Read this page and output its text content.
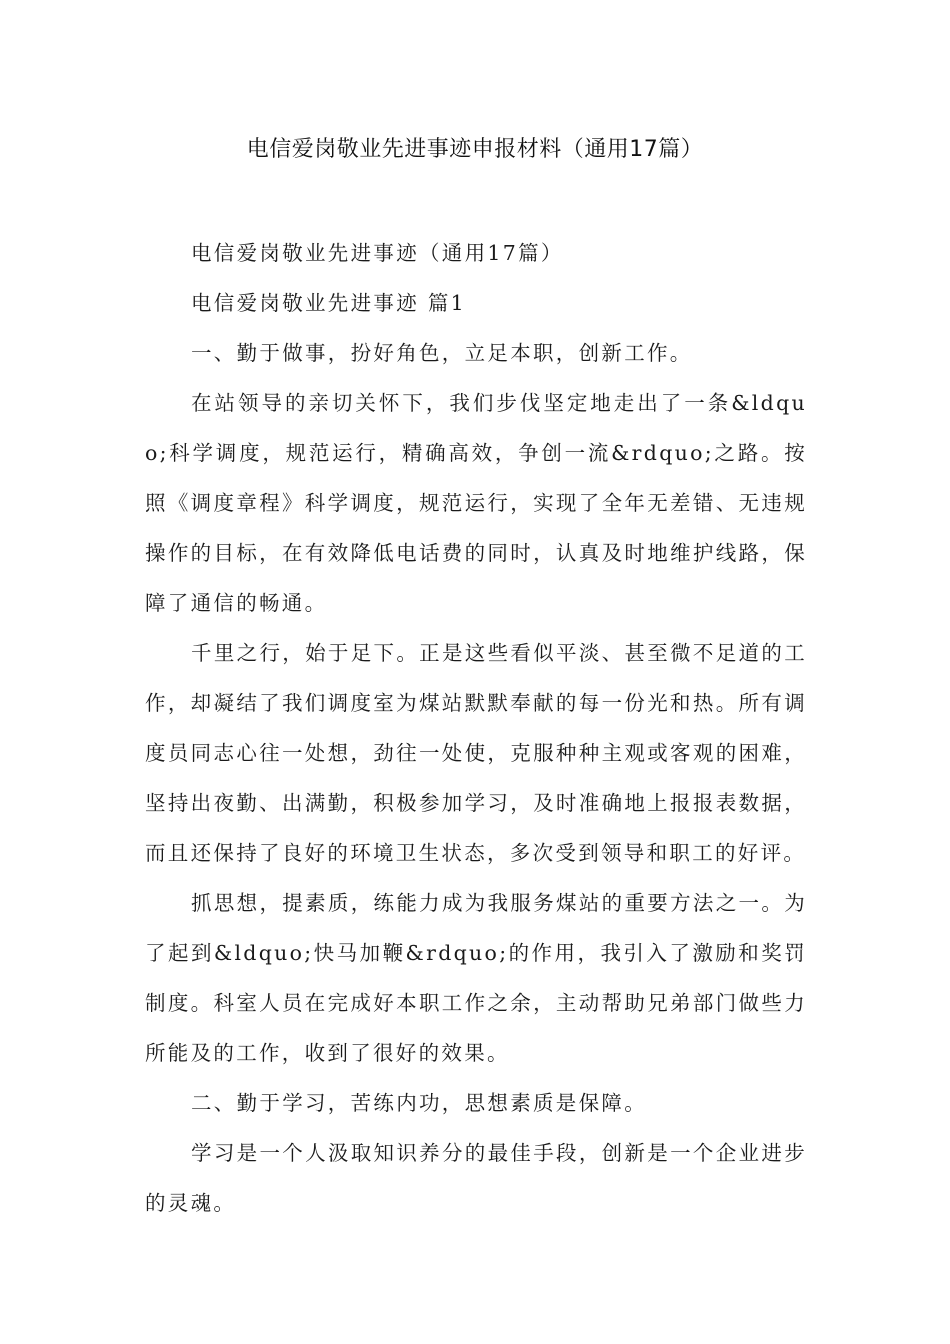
电信爱岗敬业先进事迹申报材料（通用17篇）

电信爱岗敬业先进事迹（通用17篇）

电信爱岗敬业先进事迹 篇1

一、勤于做事，扮好角色，立足本职，创新工作。

在站领导的亲切关怀下，我们步伐坚定地走出了一条&ldquo;科学调度，规范运行，精确高效，争创一流&rdquo;之路。按照《调度章程》科学调度，规范运行，实现了全年无差错、无违规操作的目标，在有效降低电话费的同时，认真及时地维护线路，保障了通信的畅通。

千里之行，始于足下。正是这些看似平淡、甚至微不足道的工作，却凝结了我们调度室为煤站默默奉献的每一份光和热。所有调度员同志心往一处想，劲往一处使，克服种种主观或客观的困难，坚持出夜勤、出满勤，积极参加学习，及时准确地上报报表数据，而且还保持了良好的环境卫生状态，多次受到领导和职工的好评。

抓思想，提素质，练能力成为我服务煤站的重要方法之一。为了起到&ldquo;快马加鞭&rdquo;的作用，我引入了激励和奖罚制度。科室人员在完成好本职工作之余，主动帮助兄弟部门做些力所能及的工作，收到了很好的效果。

二、勤于学习，苦练内功，思想素质是保障。

学习是一个人汲取知识养分的最佳手段，创新是一个企业进步的灵魂。
